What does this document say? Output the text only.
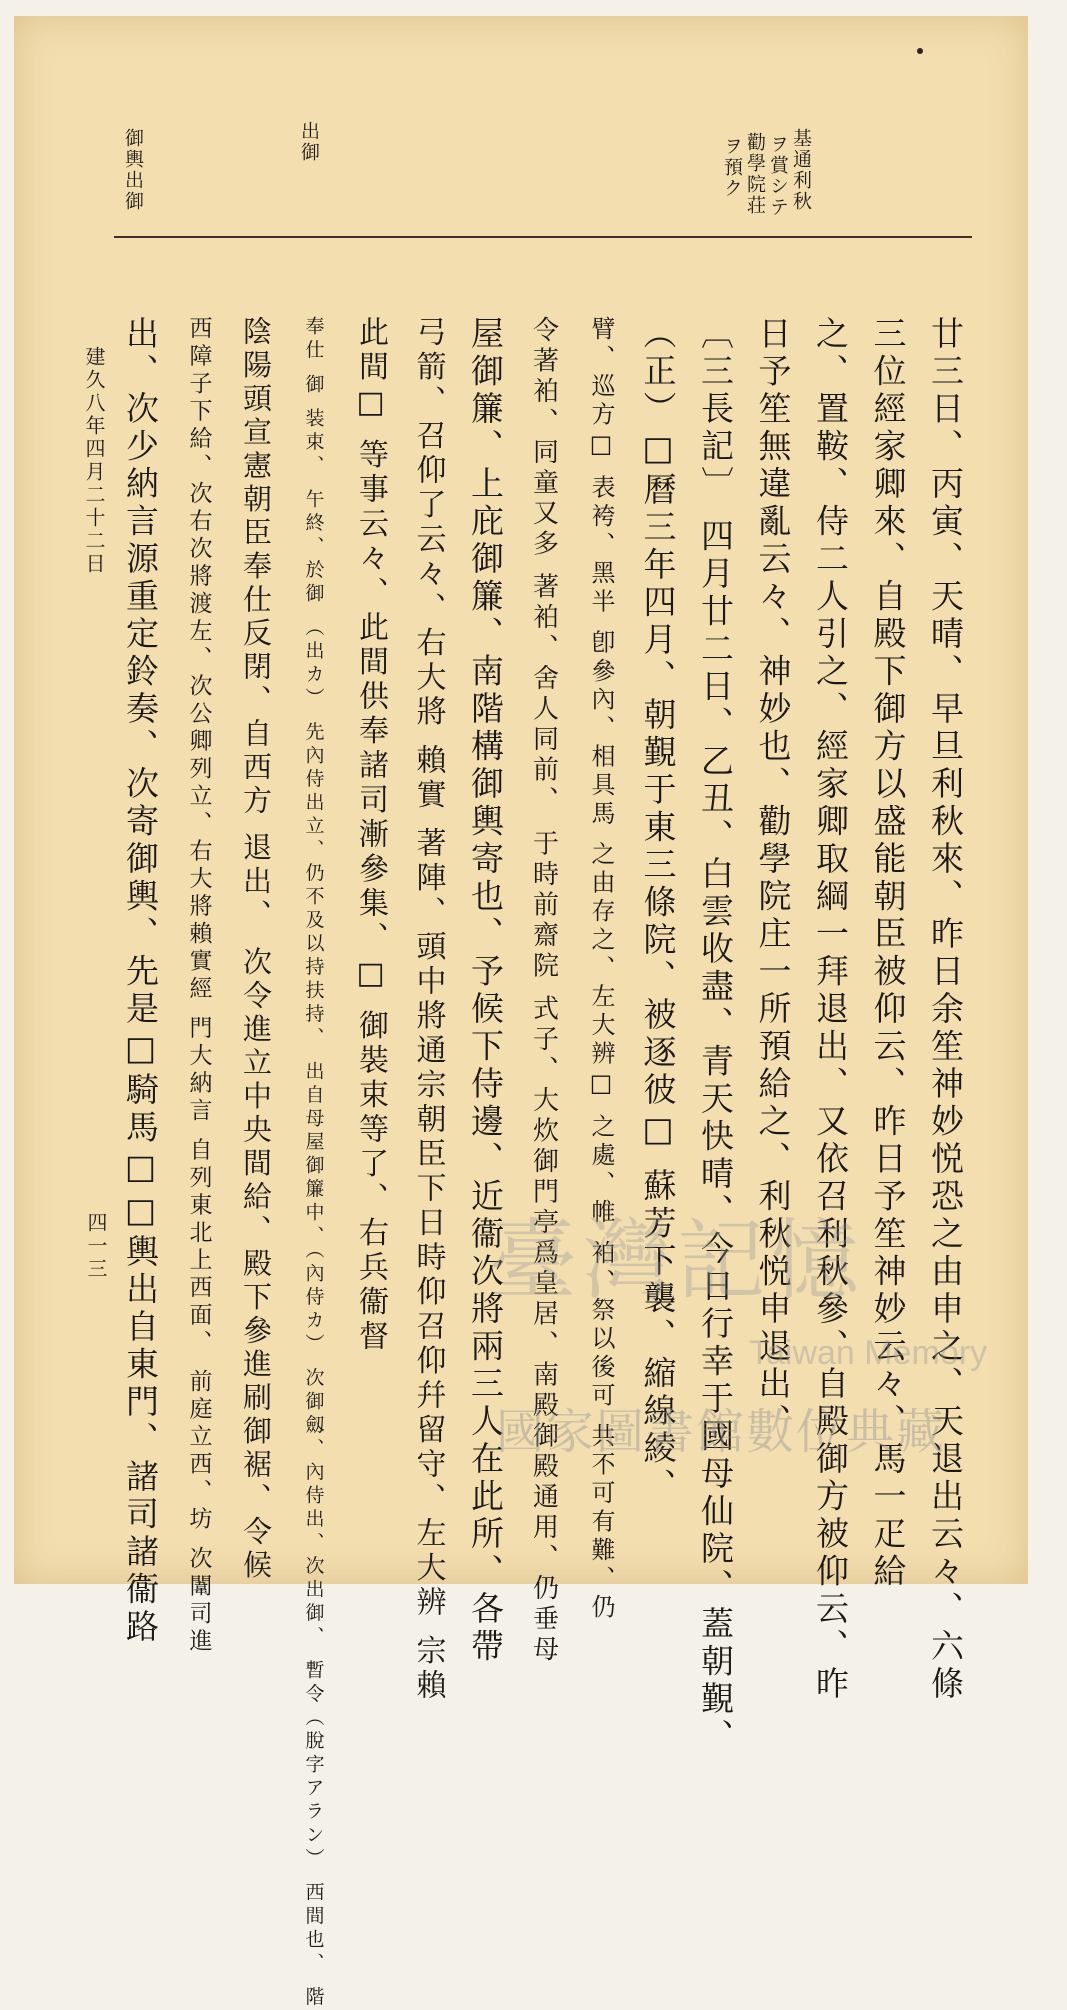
基通利秋
ヲ賞シテ
勸學院荘
ヲ預ク
出御
御輿出御
廿三日、丙寅、天晴、早旦利秋來、昨日余笙神妙悦恐之由申之、天退出云々、六條
三位經家卿來、自殿下御方以盛能朝臣被仰云、昨日予笙神妙云々、馬一疋給
之、置鞍、侍二人引之、經家卿取綱一拜退出、又依召利秋參、自殿御方被仰云、昨
日予笙無違亂云々、神妙也、勸學院庄一所預給之、利秋悦申退出、
〔三長記〕 四月廿二日、乙丑、白雲收盡、青天快晴、今日行幸于國母仙院、蓋朝覲、
（正）□曆三年四月、朝覲于東三條院、被逐彼□ 蘇芳下襲、縮線綾、
臂、巡方□ 表袴、黑半 卽參內、相具馬 之由存之、左大辨□ 之處、帷 袙、祭以後可 共不可有難、仍
令著袙、同童又多 著袙、舍人同前、 于時前齋院 式子、大炊御門亭爲皇居、南殿御殿通用、仍垂母
屋御簾、上庇御簾、南階構御輿寄也、予候下侍邊、近衞次將兩三人在此所、各帶
弓箭、召仰了云々、右大將 賴實 著陣、頭中將通宗朝臣下日時仰召仰幷留守、左大辨 宗賴
此間□ 等事云々、此間供奉諸司漸參集、□ 御裝束等了、右兵衞督
奉仕 御 装束、 午終、於御 （出カ） 先內侍出立、仍不及以持扶持、 出自母屋御簾中、（內侍カ） 次御劔、內侍出、次出御、 暫令（脫字アラン） 西間也、 階
陰陽頭宣憲朝臣奉仕反閉、自西方 退出、 次令進立中央間給、殿下參進刷御裾、令候
西障子下給、次右次將渡左、次公卿列立、右大將賴實經 門大納言 自列東北上西面、 前庭立西、坊 次闈司進
出、次少納言源重定鈴奏、次寄御輿、先是□騎馬□□輿出自東門、諸司諸衞路
建久八年四月二十二日
四一三	臺灣記憶
Taiwan Memory
國家圖書館數位典藏
